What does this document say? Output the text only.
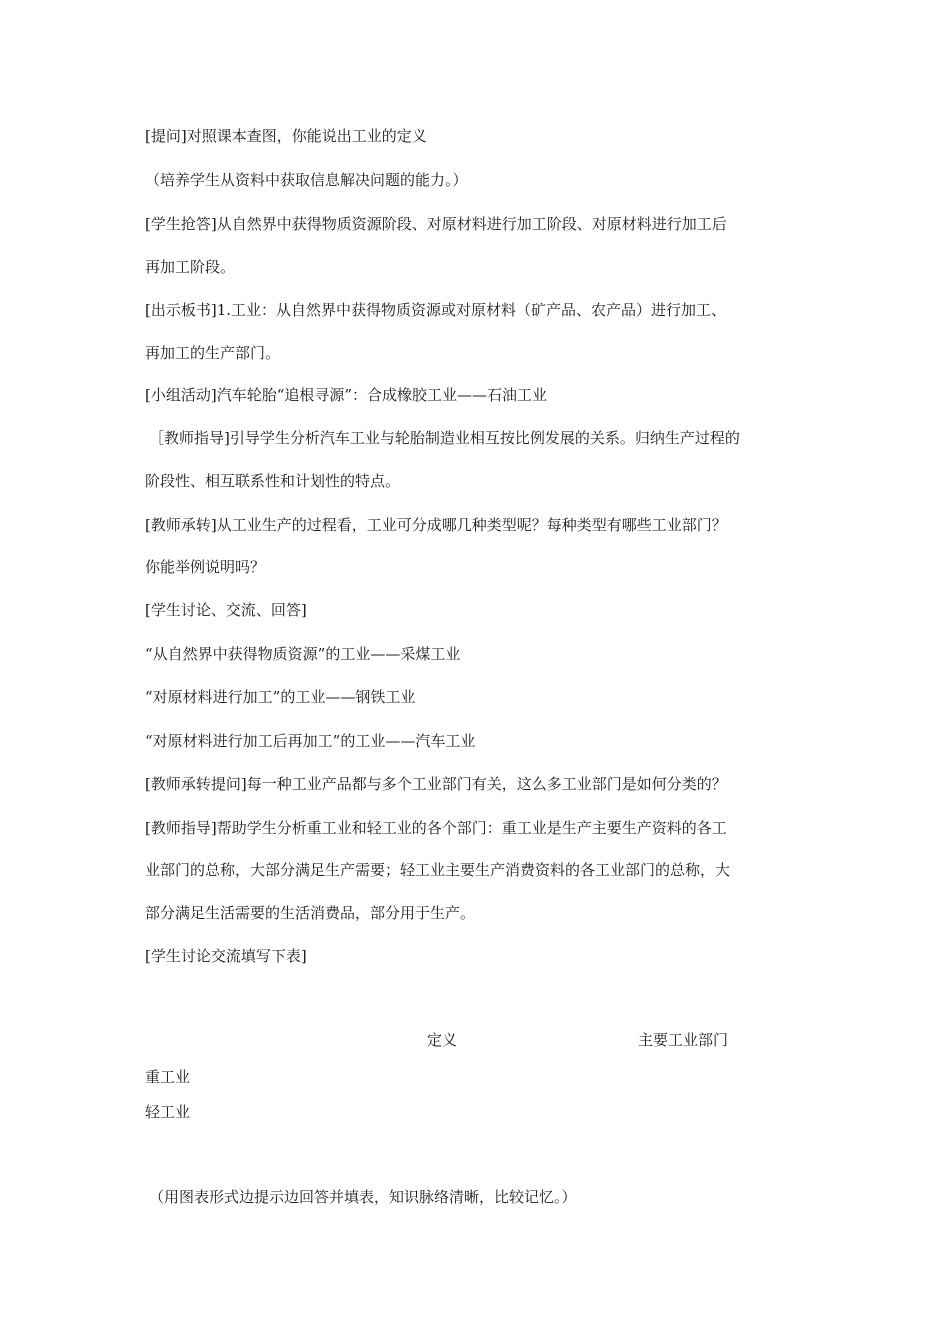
[提问]对照课本查图，你能说出工业的定义
（培养学生从资料中获取信息解决问题的能力。）
[学生抢答]从自然界中获得物质资源阶段、对原材料进行加工阶段、对原材料进行加工后
再加工阶段。
[出示板书]1.工业：从自然界中获得物质资源或对原材料（矿产品、农产品）进行加工、
再加工的生产部门。
[小组活动]汽车轮胎“追根寻源”：合成橡胶工业——石油工业
［教师指导]引导学生分析汽车工业与轮胎制造业相互按比例发展的关系。归纳生产过程的
阶段性、相互联系性和计划性的特点。
[教师承转]从工业生产的过程看，工业可分成哪几种类型呢？每种类型有哪些工业部门？
你能举例说明吗？
[学生讨论、交流、回答]
“从自然界中获得物质资源”的工业——采煤工业
“对原材料进行加工”的工业——钢铁工业
“对原材料进行加工后再加工”的工业——汽车工业
[教师承转提问]每一种工业产品都与多个工业部门有关，这么多工业部门是如何分类的？
[教师指导]帮助学生分析重工业和轻工业的各个部门：重工业是生产主要生产资料的各工
业部门的总称，大部分满足生产需要；轻工业主要生产消费资料的各工业部门的总称，大
部分满足生活需要的生活消费品，部分用于生产。
[学生讨论交流填写下表]
定义	主要工业部门
重工业
轻工业
（用图表形式边提示边回答并填表，知识脉络清晰，比较记忆。）
